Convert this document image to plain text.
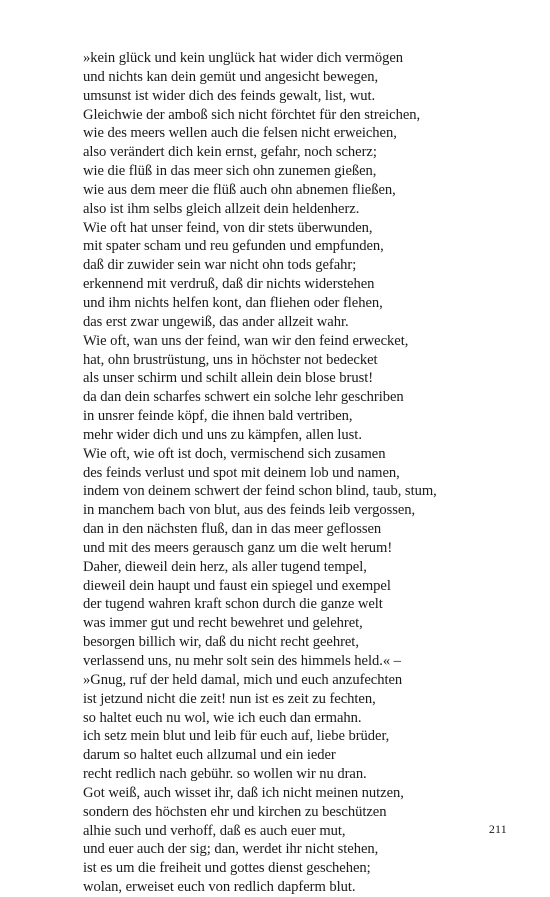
»kein glück und kein unglück hat wider dich vermögen
und nichts kan dein gemüt und angesicht bewegen,
umsunst ist wider dich des feinds gewalt, list, wut.
Gleichwie der amboß sich nicht förchtet für den streichen,
wie des meers wellen auch die felsen nicht erweichen,
also verändert dich kein ernst, gefahr, noch scherz;
wie die flüß in das meer sich ohn zunemen gießen,
wie aus dem meer die flüß auch ohn abnemen fließen,
also ist ihm selbs gleich allzeit dein heldenherz.
Wie oft hat unser feind, von dir stets überwunden,
mit spater scham und reu gefunden und empfunden,
daß dir zuwider sein war nicht ohn tods gefahr;
erkennend mit verdruß, daß dir nichts widerstehen
und ihm nichts helfen kont, dan fliehen oder flehen,
das erst zwar ungewiß, das ander allzeit wahr.
Wie oft, wan uns der feind, wan wir den feind erwecket,
hat, ohn brustrüstung, uns in höchster not bedecket
als unser schirm und schilt allein dein blose brust!
da dan dein scharfes schwert ein solche lehr geschriben
in unsrer feinde köpf, die ihnen bald vertriben,
mehr wider dich und uns zu kämpfen, allen lust.
Wie oft, wie oft ist doch, vermischend sich zusamen
des feinds verlust und spot mit deinem lob und namen,
indem von deinem schwert der feind schon blind, taub, stum,
in manchem bach von blut, aus des feinds leib vergossen,
dan in den nächsten fluß, dan in das meer geflossen
und mit des meers gerausch ganz um die welt herum!
Daher, dieweil dein herz, als aller tugend tempel,
dieweil dein haupt und faust ein spiegel und exempel
der tugend wahren kraft schon durch die ganze welt
was immer gut und recht bewehret und gelehret,
besorgen billich wir, daß du nicht recht geehret,
verlassend uns, nu mehr solt sein des himmels held.« –
»Gnug, ruf der held damal, mich und euch anzufechten
ist jetzund nicht die zeit! nun ist es zeit zu fechten,
so haltet euch nu wol, wie ich euch dan ermahn.
ich setz mein blut und leib für euch auf, liebe brüder,
darum so haltet euch allzumal und ein ieder
recht redlich nach gebühr. so wollen wir nu dran.
Got weiß, auch wisset ihr, daß ich nicht meinen nutzen,
sondern des höchsten ehr und kirchen zu beschützen
alhie such und verhoff, daß es auch euer mut,
und euer auch der sig; dan, werdet ihr nicht stehen,
ist es um die freiheit und gottes dienst geschehen;
wolan, erweiset euch von redlich dapferm blut.
211
